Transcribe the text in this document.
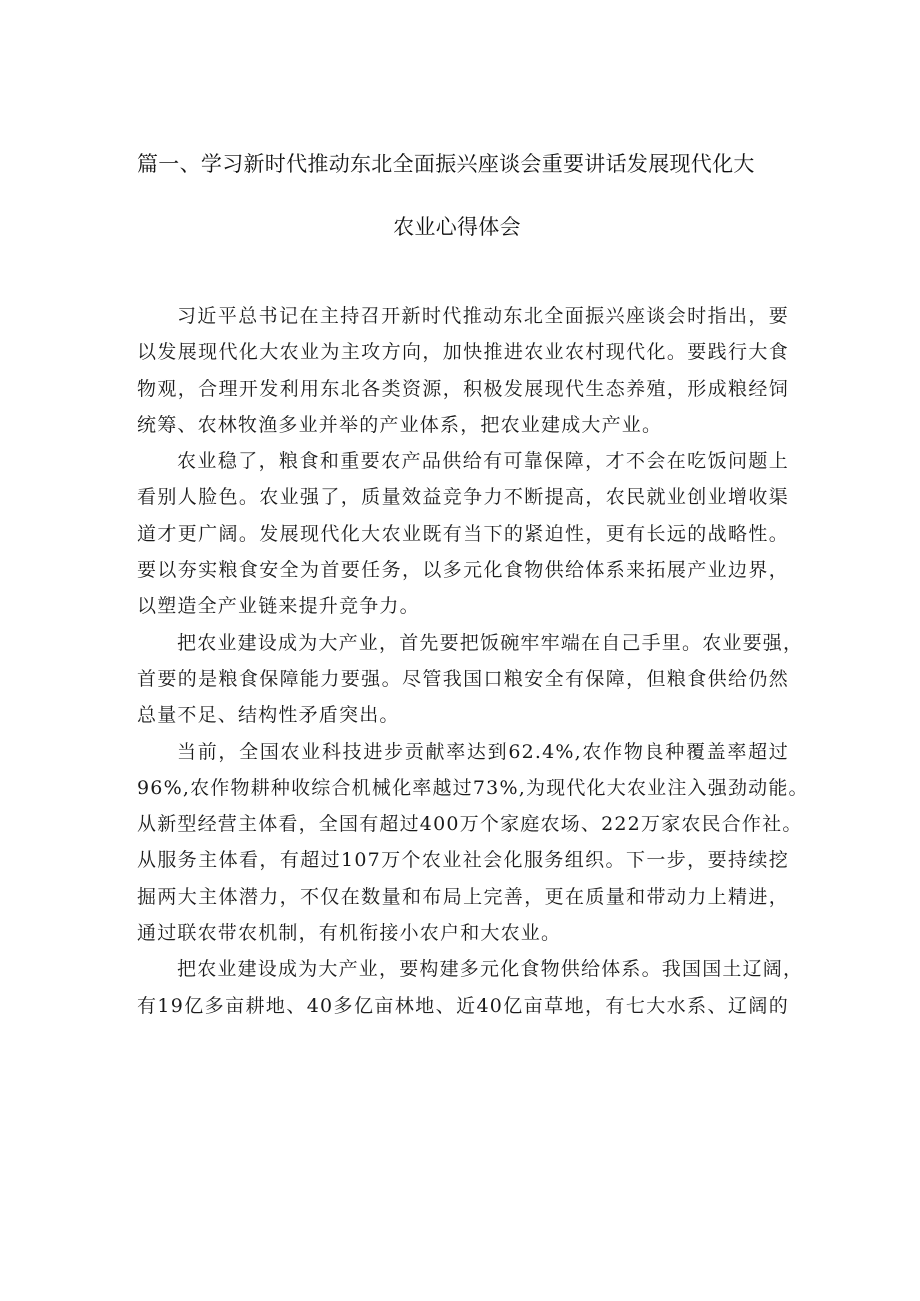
篇一、学习新时代推动东北全面振兴座谈会重要讲话发展现代化大
农业心得体会

习近平总书记在主持召开新时代推动东北全面振兴座谈会时指出，要
以发展现代化大农业为主攻方向，加快推进农业农村现代化。要践行大食
物观，合理开发利用东北各类资源，积极发展现代生态养殖，形成粮经饲
统筹、农林牧渔多业并举的产业体系，把农业建成大产业。

农业稳了，粮食和重要农产品供给有可靠保障，才不会在吃饭问题上
看别人脸色。农业强了，质量效益竞争力不断提高，农民就业创业增收渠
道才更广阔。发展现代化大农业既有当下的紧迫性，更有长远的战略性。
要以夯实粮食安全为首要任务，以多元化食物供给体系来拓展产业边界，
以塑造全产业链来提升竞争力。

把农业建设成为大产业，首先要把饭碗牢牢端在自己手里。农业要强，
首要的是粮食保障能力要强。尽管我国口粮安全有保障，但粮食供给仍然
总量不足、结构性矛盾突出。

当前，全国农业科技进步贡献率达到62.4%,农作物良种覆盖率超过
96%,农作物耕种收综合机械化率越过73%,为现代化大农业注入强劲动能。
从新型经营主体看，全国有超过400万个家庭农场、222万家农民合作社。
从服务主体看，有超过107万个农业社会化服务组织。下一步，要持续挖
掘两大主体潜力，不仅在数量和布局上完善，更在质量和带动力上精进，
通过联农带农机制，有机衔接小农户和大农业。

把农业建设成为大产业，要构建多元化食物供给体系。我国国土辽阔，
有19亿多亩耕地、40多亿亩林地、近40亿亩草地，有七大水系、辽阔的
